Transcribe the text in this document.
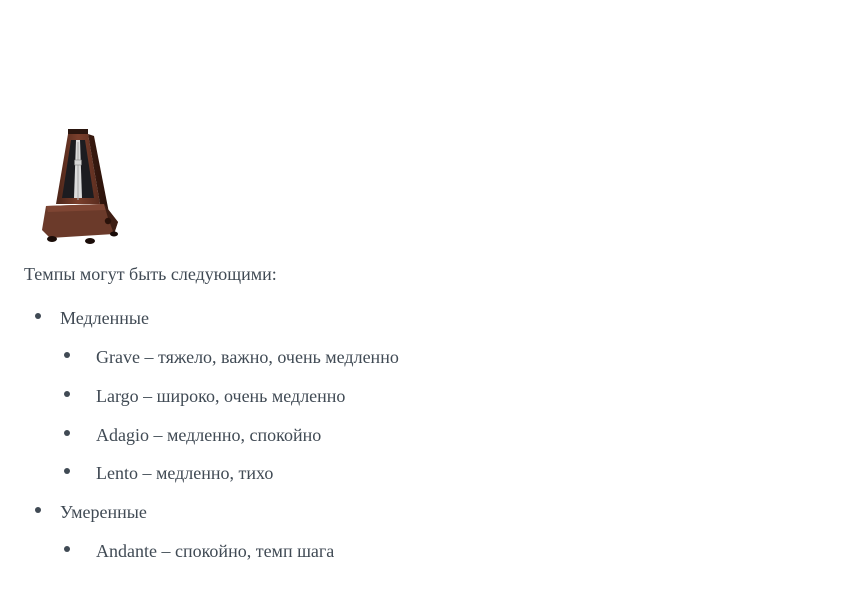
Темпы могут быть следующими:
Медленные
Grave – тяжело, важно, очень медленно
Largo – широко, очень медленно
Adagio – медленно, спокойно
Lento – медленно, тихо
Умеренные
Andante – спокойно, темп шага
